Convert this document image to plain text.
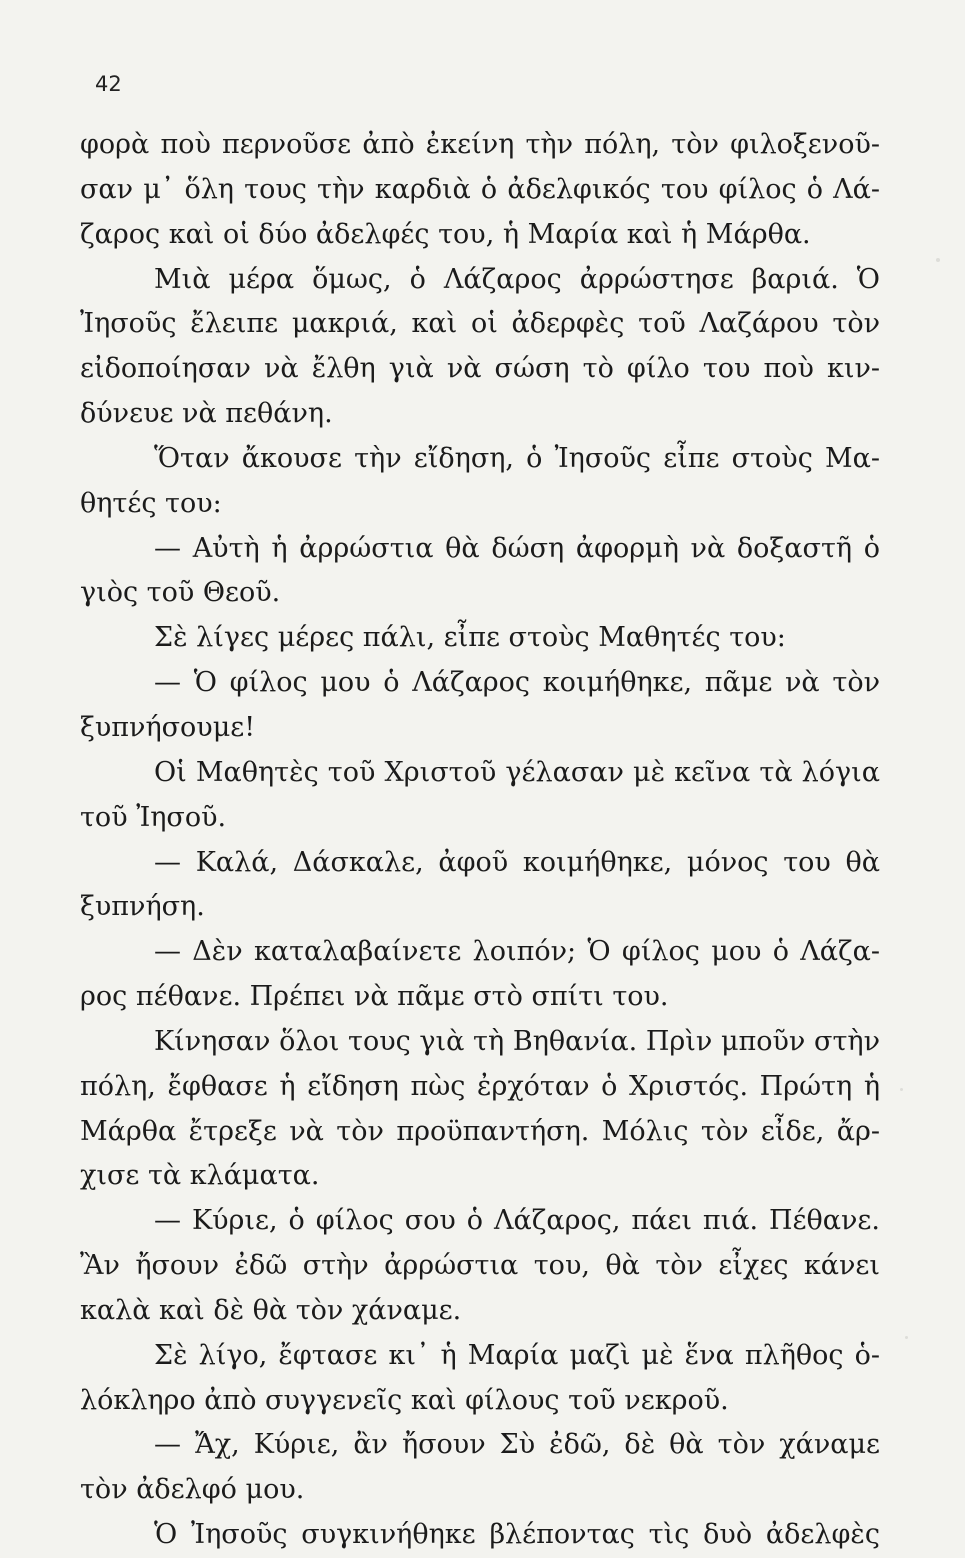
42
φορὰ ποὺ περνοῦσε ἀπὸ ἐκείνη τὴν πόλη, τὸν φιλοξενοῦ-
σαν μ᾽ ὅλη τους τὴν καρδιὰ ὁ ἀδελφικός του φίλος ὁ Λά-
ζαρος καὶ οἱ δύο ἀδελφές του, ἡ Μαρία καὶ ἡ Μάρθα.
Μιὰ μέρα ὅμως, ὁ Λάζαρος ἀρρώστησε βαριά. Ὁ
Ἰησοῦς ἔλειπε μακριά, καὶ οἱ ἀδερφὲς τοῦ Λαζάρου τὸν
εἰδοποίησαν νὰ ἔλθη γιὰ νὰ σώση τὸ φίλο του ποὺ κιν-
δύνευε νὰ πεθάνη.
Ὅταν ἄκουσε τὴν εἴδηση, ὁ Ἰησοῦς εἶπε στοὺς Μα-
θητές του:
— Αὐτὴ ἡ ἀρρώστια θὰ δώση ἀφορμὴ νὰ δοξαστῆ ὁ
γιὸς τοῦ Θεοῦ.
Σὲ λίγες μέρες πάλι, εἶπε στοὺς Μαθητές του:
— Ὁ φίλος μου ὁ Λάζαρος κοιμήθηκε, πᾶμε νὰ τὸν
ξυπνήσουμε!
Οἱ Μαθητὲς τοῦ Χριστοῦ γέλασαν μὲ κεῖνα τὰ λόγια
τοῦ Ἰησοῦ.
— Καλά, Δάσκαλε, ἀφοῦ κοιμήθηκε, μόνος του θὰ
ξυπνήση.
— Δὲν καταλαβαίνετε λοιπόν; Ὁ φίλος μου ὁ Λάζα-
ρος πέθανε. Πρέπει νὰ πᾶμε στὸ σπίτι του.
Κίνησαν ὅλοι τους γιὰ τὴ Βηθανία. Πρὶν μποῦν στὴν
πόλη, ἔφθασε ἡ εἴδηση πὼς ἐρχόταν ὁ Χριστός. Πρώτη ἡ
Μάρθα ἔτρεξε νὰ τὸν προϋπαντήση. Μόλις τὸν εἶδε, ἄρ-
χισε τὰ κλάματα.
— Κύριε, ὁ φίλος σου ὁ Λάζαρος, πάει πιά. Πέθανε.
Ἂν ἤσουν ἐδῶ στὴν ἀρρώστια του, θὰ τὸν εἶχες κάνει
καλὰ καὶ δὲ θὰ τὸν χάναμε.
Σὲ λίγο, ἔφτασε κι᾽ ἡ Μαρία μαζὶ μὲ ἕνα πλῆθος ὁ-
λόκληρο ἀπὸ συγγενεῖς καὶ φίλους τοῦ νεκροῦ.
— Ἄχ, Κύριε, ἂν ἤσουν Σὺ ἐδῶ, δὲ θὰ τὸν χάναμε
τὸν ἀδελφό μου.
Ὁ Ἰησοῦς συγκινήθηκε βλέποντας τὶς δυὸ ἀδελφὲς
